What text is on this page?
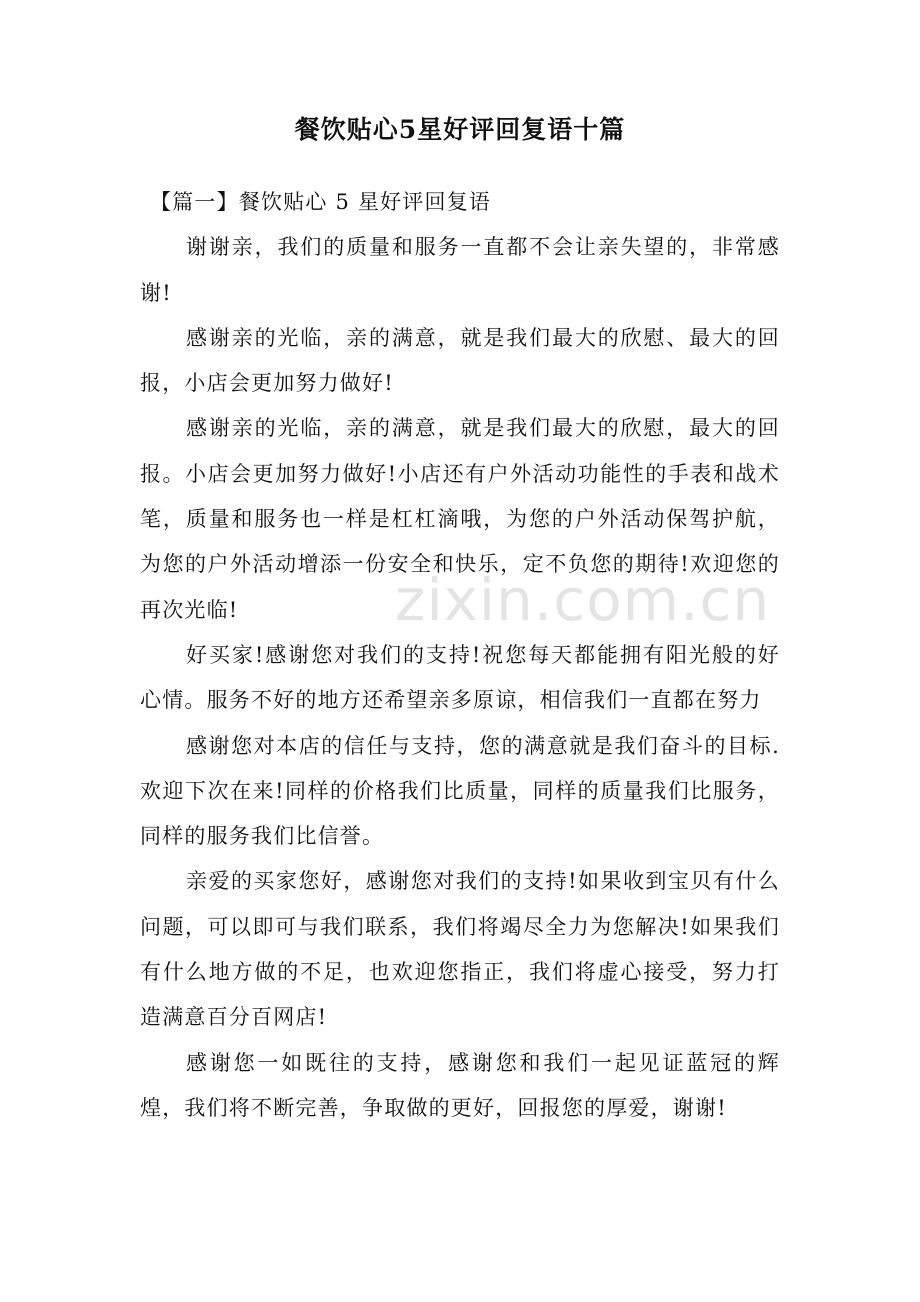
餐饮贴心5星好评回复语十篇

【篇一】餐饮贴心 5 星好评回复语

谢谢亲，我们的质量和服务一直都不会让亲失望的，非常感谢!

感谢亲的光临，亲的满意，就是我们最大的欣慰、最大的回报，小店会更加努力做好!

感谢亲的光临，亲的满意，就是我们最大的欣慰，最大的回报。小店会更加努力做好!小店还有户外活动功能性的手表和战术笔，质量和服务也一样是杠杠滴哦，为您的户外活动保驾护航，为您的户外活动增添一份安全和快乐，定不负您的期待!欢迎您的再次光临!

好买家!感谢您对我们的支持!祝您每天都能拥有阳光般的好心情。服务不好的地方还希望亲多原谅，相信我们一直都在努力

感谢您对本店的信任与支持，您的满意就是我们奋斗的目标.欢迎下次在来!同样的价格我们比质量，同样的质量我们比服务，同样的服务我们比信誉。

亲爱的买家您好，感谢您对我们的支持!如果收到宝贝有什么问题，可以即可与我们联系，我们将竭尽全力为您解决!如果我们有什么地方做的不足，也欢迎您指正，我们将虚心接受，努力打造满意百分百网店!

感谢您一如既往的支持，感谢您和我们一起见证蓝冠的辉煌，我们将不断完善，争取做的更好，回报您的厚爱，谢谢!

zixin.com.cn
